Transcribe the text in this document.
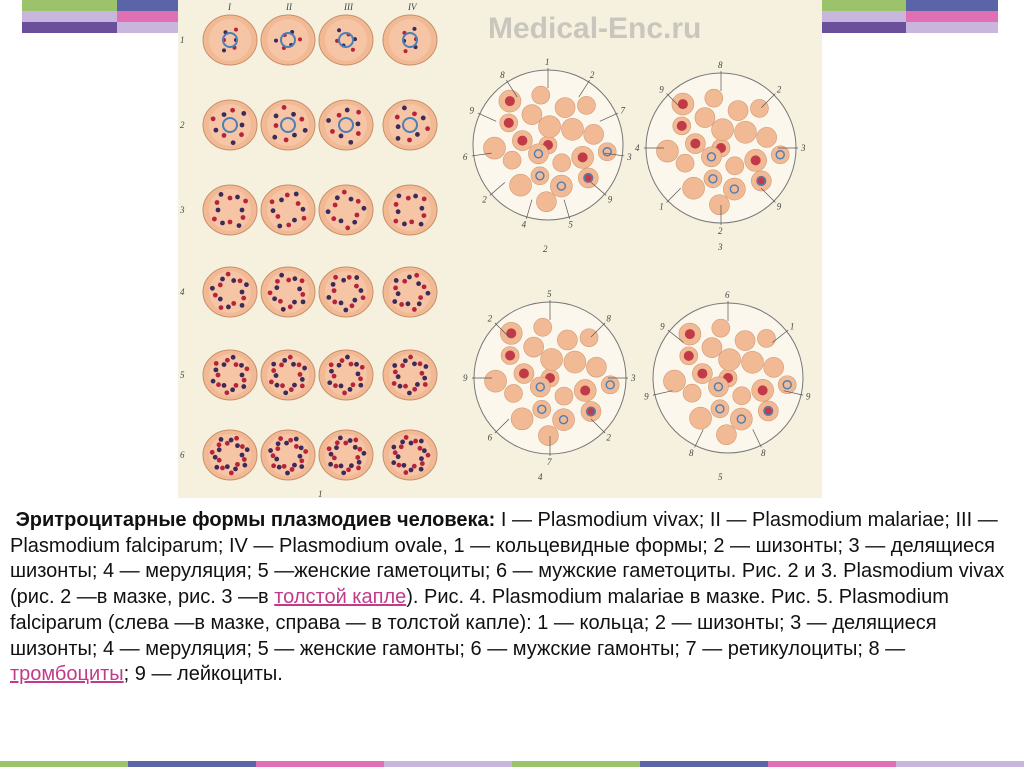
Medical-Enc.ru
I	II	III	IV
1
2
3
4
5
6
1
1
2
7
3
9
5
4
2
6
9
8
2
8
2
3
9
2
1
4
9
3
5
8
3
2
7
6
9
2
4
6
1
9
8
8
9
9
5

Эритроцитарные формы плазмодиев человека: I — Plasmodium vivax; II — Plasmodium malariae; III — Plasmodium falciparum; IV — Plasmodium ovale, 1 — кольцевидные формы; 2 — шизонты; 3 — делящиеся шизонты; 4 — меруляция; 5 —женские гаметоциты; 6 — мужские гаметоциты. Рис. 2 и 3. Plasmodium vivax (рис. 2 —в мазке, рис. 3 —в толстой капле). Рис. 4. Plasmodium malariae в мазке. Рис. 5. Plasmodium falciparum (слева —в мазке, справа — в толстой капле): 1 — кольца; 2 — шизонты; 3 — делящиеся шизонты; 4 — меруляция; 5 — женские гамонты; 6 — мужские гамонты; 7 — ретикулоциты; 8 —тромбоциты; 9 — лейкоциты.
